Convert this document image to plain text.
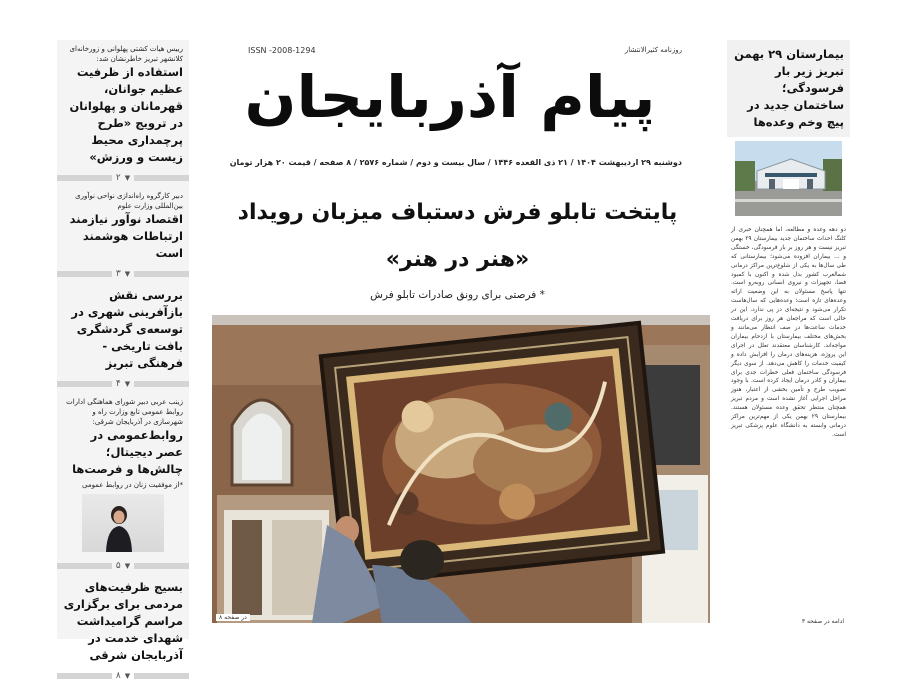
ISSN -2008-1294	روزنامه کثیرالانتشار
پیام آذربایجان
دوشنبه ۲۹ اردیبهشت ۱۴۰۴ / ۲۱ ذی القعده ۱۴۴۶ / سال بیست و دوم / شماره ۲۵۷۶ / ۸ صفحه / قیمت ۲۰ هزار تومان
پایتخت تابلو فرش دستباف میزبان رویداد
«هنر در هنر»
* فرصتی برای رونق صادرات تابلو فرش
در صفحه ۸
رییس هیات کشتی پهلوانی و زورخانه‌ای کلانشهر تبریز خاطرنشان شد:
استفاده از ظرفیت عظیم جوانان، قهرمانان و پهلوانان در ترویج «طرح پرچمداری محیط زیست و ورزش»
▼
۲
دبیر کارگروه راه‌اندازی نواحی نوآوری بین‌المللی وزارت علوم
اقتصاد نوآور نیازمند ارتباطات هوشمند است
▼
۳
بررسی نقش بازآفرینی شهری در توسعه‌ی گردشگری بافت تاریخی - فرهنگی تبریز
▼
۴
زینب عربی دبیر شورای هماهنگی ادارات روابط عمومی تابع وزارت راه و شهرسازی در آذربایجان شرقی:
روابط‌عمومی در عصر دیجیتال؛ چالش‌ها و فرصت‌ها
*از موفقیت زنان در روابط عمومی
▼
۵
بسیج ظرفیت‌های مردمی برای برگزاری مراسم گرامیداشت شهدای خدمت در آذربایجان شرقی
▼
۸
بیمارستان ۲۹ بهمن تبریز زیر بار فرسودگی؛ ساختمان جدید در پیچ وخم وعده‌ها
دو دهه وعده و مطالعه، اما همچنان خبری از کلنگ احداث ساختمان جدید بیمارستان ۲۹ بهمن تبریز نیست و هر روز بر بار فرسودگی، خستگی و ... بیماران افزوده می‌شود؛ بیمارستانی که طی سال‌ها به یکی از شلوغ‌ترین مراکز درمانی شمالغرب کشور بدل شده و اکنون با کمبود فضا، تجهیزات و نیروی انسانی روبه‌رو است. تنها پاسخ مسئولان به این وضعیت ارائه وعده‌های تازه است؛ وعده‌هایی که سال‌هاست تکرار می‌شود و نتیجه‌ای در پی ندارد. این در حالی است که مراجعان هر روز برای دریافت خدمات ساعت‌ها در صف انتظار می‌مانند و بخش‌های مختلف بیمارستان با ازدحام بیماران مواجه‌اند. کارشناسان معتقدند تعلل در اجرای این پروژه، هزینه‌های درمان را افزایش داده و کیفیت خدمات را کاهش می‌دهد. از سوی دیگر فرسودگی ساختمان فعلی خطرات جدی برای بیماران و کادر درمان ایجاد کرده است. با وجود تصویب طرح و تأمین بخشی از اعتبار، هنوز مراحل اجرایی آغاز نشده است و مردم تبریز همچنان منتظر تحقق وعده مسئولان هستند. بیمارستان ۲۹ بهمن یکی از مهم‌ترین مراکز درمانی وابسته به دانشگاه علوم پزشکی تبریز است.
ادامه در صفحه ۳
